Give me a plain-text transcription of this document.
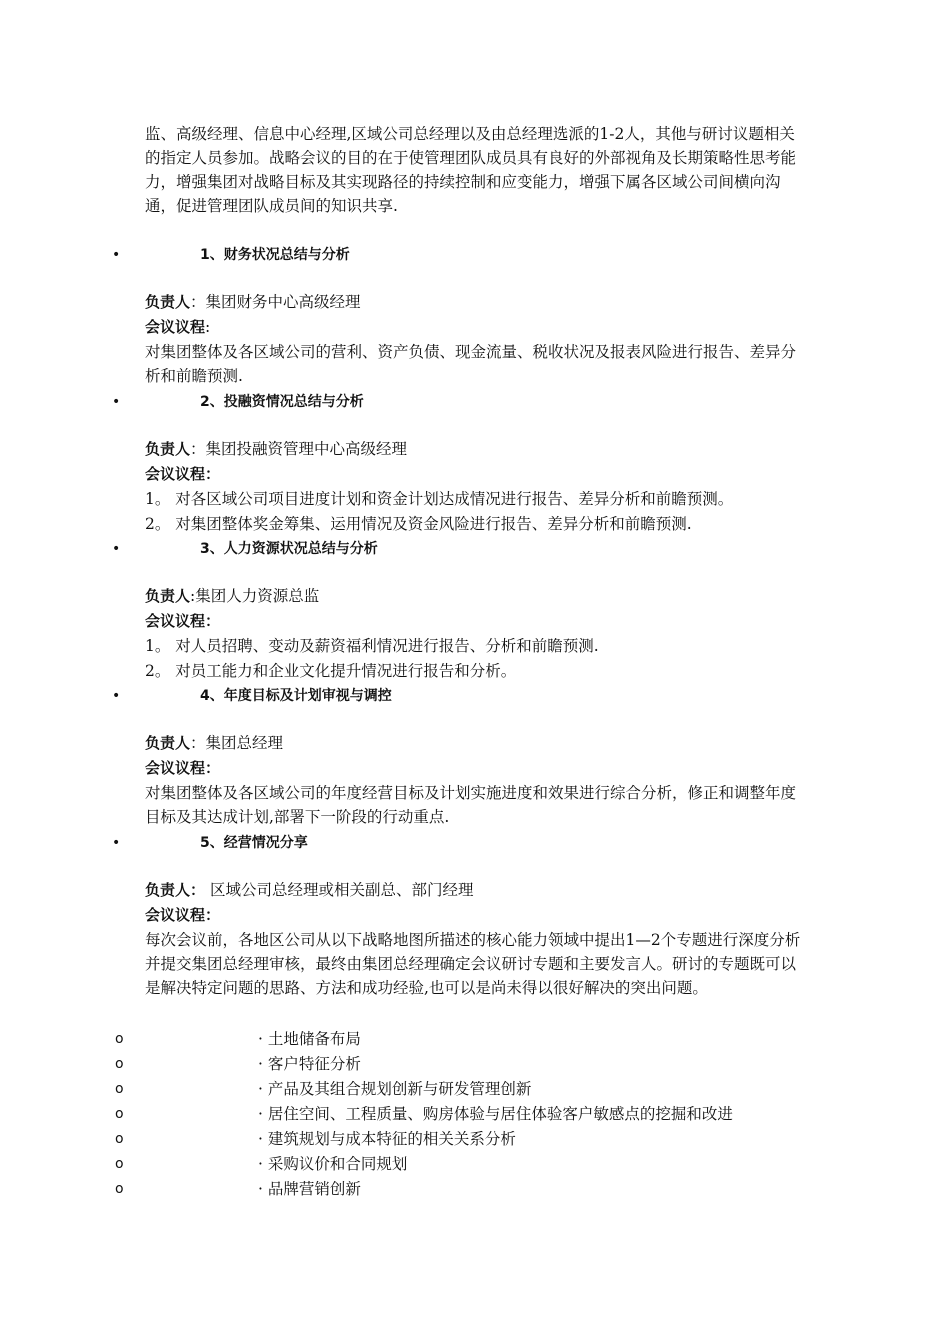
监、高级经理、信息中心经理,区域公司总经理以及由总经理选派的1-2人，其他与研讨议题相关的指定人员参加。战略会议的目的在于使管理团队成员具有良好的外部视角及长期策略性思考能力，增强集团对战略目标及其实现路径的持续控制和应变能力，增强下属各区域公司间横向沟通，促进管理团队成员间的知识共享.

•	1、财务状况总结与分析
负责人：集团财务中心高级经理
会议议程:

对集团整体及各区域公司的营利、资产负债、现金流量、税收状况及报表风险进行报告、差异分析和前瞻预测.

•	2、投融资情况总结与分析
负责人：集团投融资管理中心高级经理
会议议程：
1。 对各区域公司项目进度计划和资金计划达成情况进行报告、差异分析和前瞻预测。
2。 对集团整体奖金筹集、运用情况及资金风险进行报告、差异分析和前瞻预测.
•	3、人力资源状况总结与分析
负责人:集团人力资源总监
会议议程：
1。 对人员招聘、变动及薪资福利情况进行报告、分析和前瞻预测.
2。 对员工能力和企业文化提升情况进行报告和分析。
•	4、年度目标及计划审视与调控
负责人：集团总经理
会议议程：

对集团整体及各区域公司的年度经营目标及计划实施进度和效果进行综合分析，修正和调整年度目标及其达成计划,部署下一阶段的行动重点.

•	5、经营情况分享
负责人： 区域公司总经理或相关副总、部门经理
会议议程：

每次会议前，各地区公司从以下战略地图所描述的核心能力领域中提出1—2个专题进行深度分析并提交集团总经理审核，最终由集团总经理确定会议研讨专题和主要发言人。研讨的专题既可以是解决特定问题的思路、方法和成功经验,也可以是尚未得以很好解决的突出问题。

o	· 土地储备布局
o	· 客户特征分析
o	· 产品及其组合规划创新与研发管理创新
o	· 居住空间、工程质量、购房体验与居住体验客户敏感点的挖掘和改进
o	· 建筑规划与成本特征的相关关系分析
o	· 采购议价和合同规划
o	· 品牌营销创新
